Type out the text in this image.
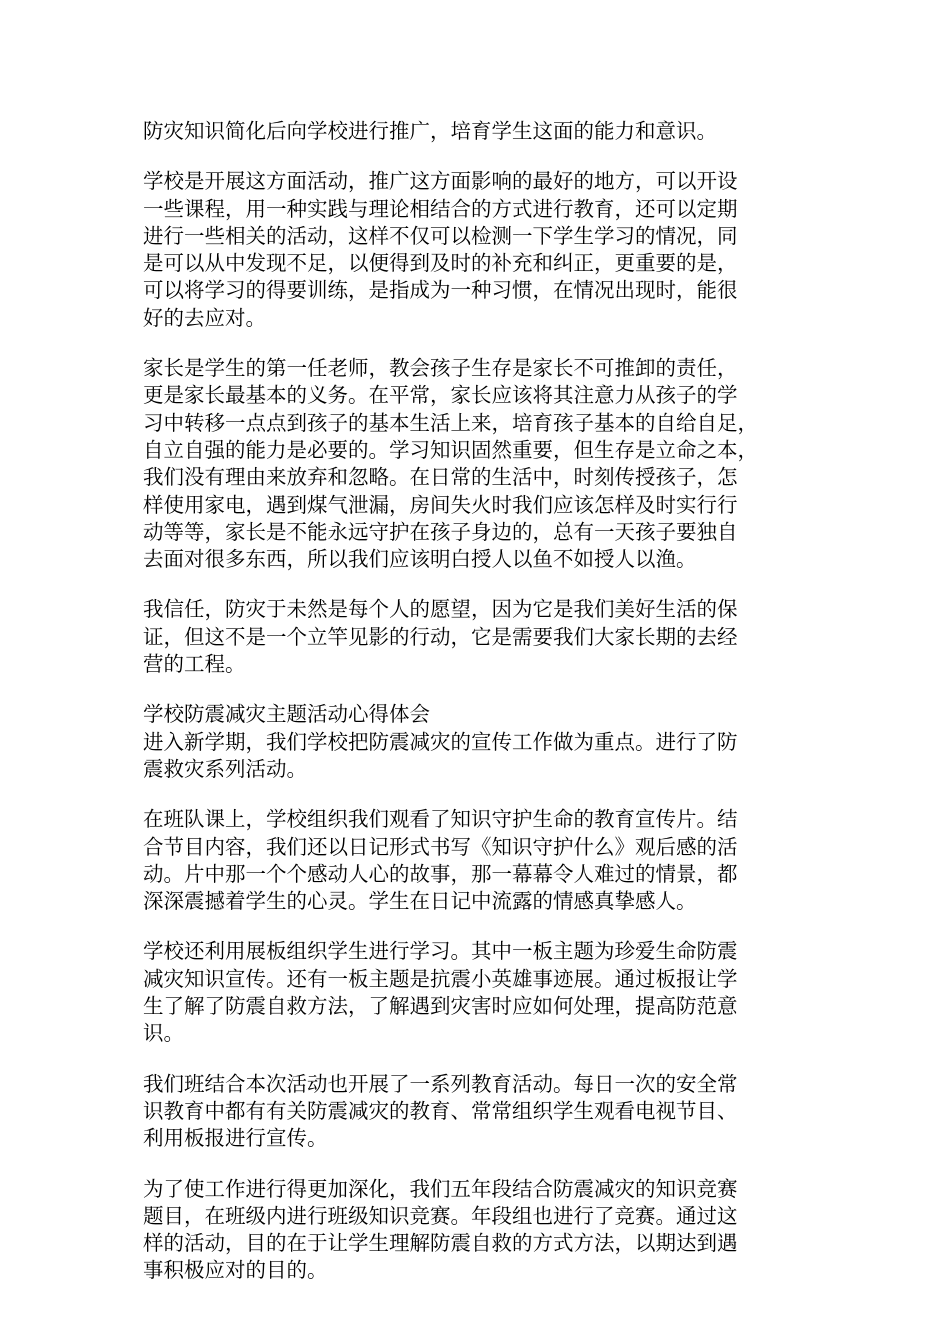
防灾知识简化后向学校进行推广，培育学生这面的能力和意识。

学校是开展这方面活动，推广这方面影响的最好的地方，可以开设
一些课程，用一种实践与理论相结合的方式进行教育，还可以定期
进行一些相关的活动，这样不仅可以检测一下学生学习的情况，同
是可以从中发现不足，以便得到及时的补充和纠正，更重要的是，
可以将学习的得要训练，是指成为一种习惯，在情况出现时，能很
好的去应对。

家长是学生的第一任老师，教会孩子生存是家长不可推卸的责任，
更是家长最基本的义务。在平常，家长应该将其注意力从孩子的学
习中转移一点点到孩子的基本生活上来，培育孩子基本的自给自足，
自立自强的能力是必要的。学习知识固然重要，但生存是立命之本，
我们没有理由来放弃和忽略。在日常的生活中，时刻传授孩子，怎
样使用家电，遇到煤气泄漏，房间失火时我们应该怎样及时实行行
动等等，家长是不能永远守护在孩子身边的，总有一天孩子要独自
去面对很多东西，所以我们应该明白授人以鱼不如授人以渔。

我信任，防灾于未然是每个人的愿望，因为它是我们美好生活的保
证，但这不是一个立竿见影的行动，它是需要我们大家长期的去经
营的工程。

学校防震减灾主题活动心得体会
进入新学期，我们学校把防震减灾的宣传工作做为重点。进行了防
震救灾系列活动。

在班队课上，学校组织我们观看了知识守护生命的教育宣传片。结
合节目内容，我们还以日记形式书写《知识守护什么》观后感的活
动。片中那一个个感动人心的故事，那一幕幕令人难过的情景，都
深深震撼着学生的心灵。学生在日记中流露的情感真挚感人。

学校还利用展板组织学生进行学习。其中一板主题为珍爱生命防震
减灾知识宣传。还有一板主题是抗震小英雄事迹展。通过板报让学
生了解了防震自救方法，了解遇到灾害时应如何处理，提高防范意
识。

我们班结合本次活动也开展了一系列教育活动。每日一次的安全常
识教育中都有有关防震减灾的教育、常常组织学生观看电视节目、
利用板报进行宣传。

为了使工作进行得更加深化，我们五年段结合防震减灾的知识竞赛
题目，在班级内进行班级知识竞赛。年段组也进行了竞赛。通过这
样的活动，目的在于让学生理解防震自救的方式方法，以期达到遇
事积极应对的目的。
